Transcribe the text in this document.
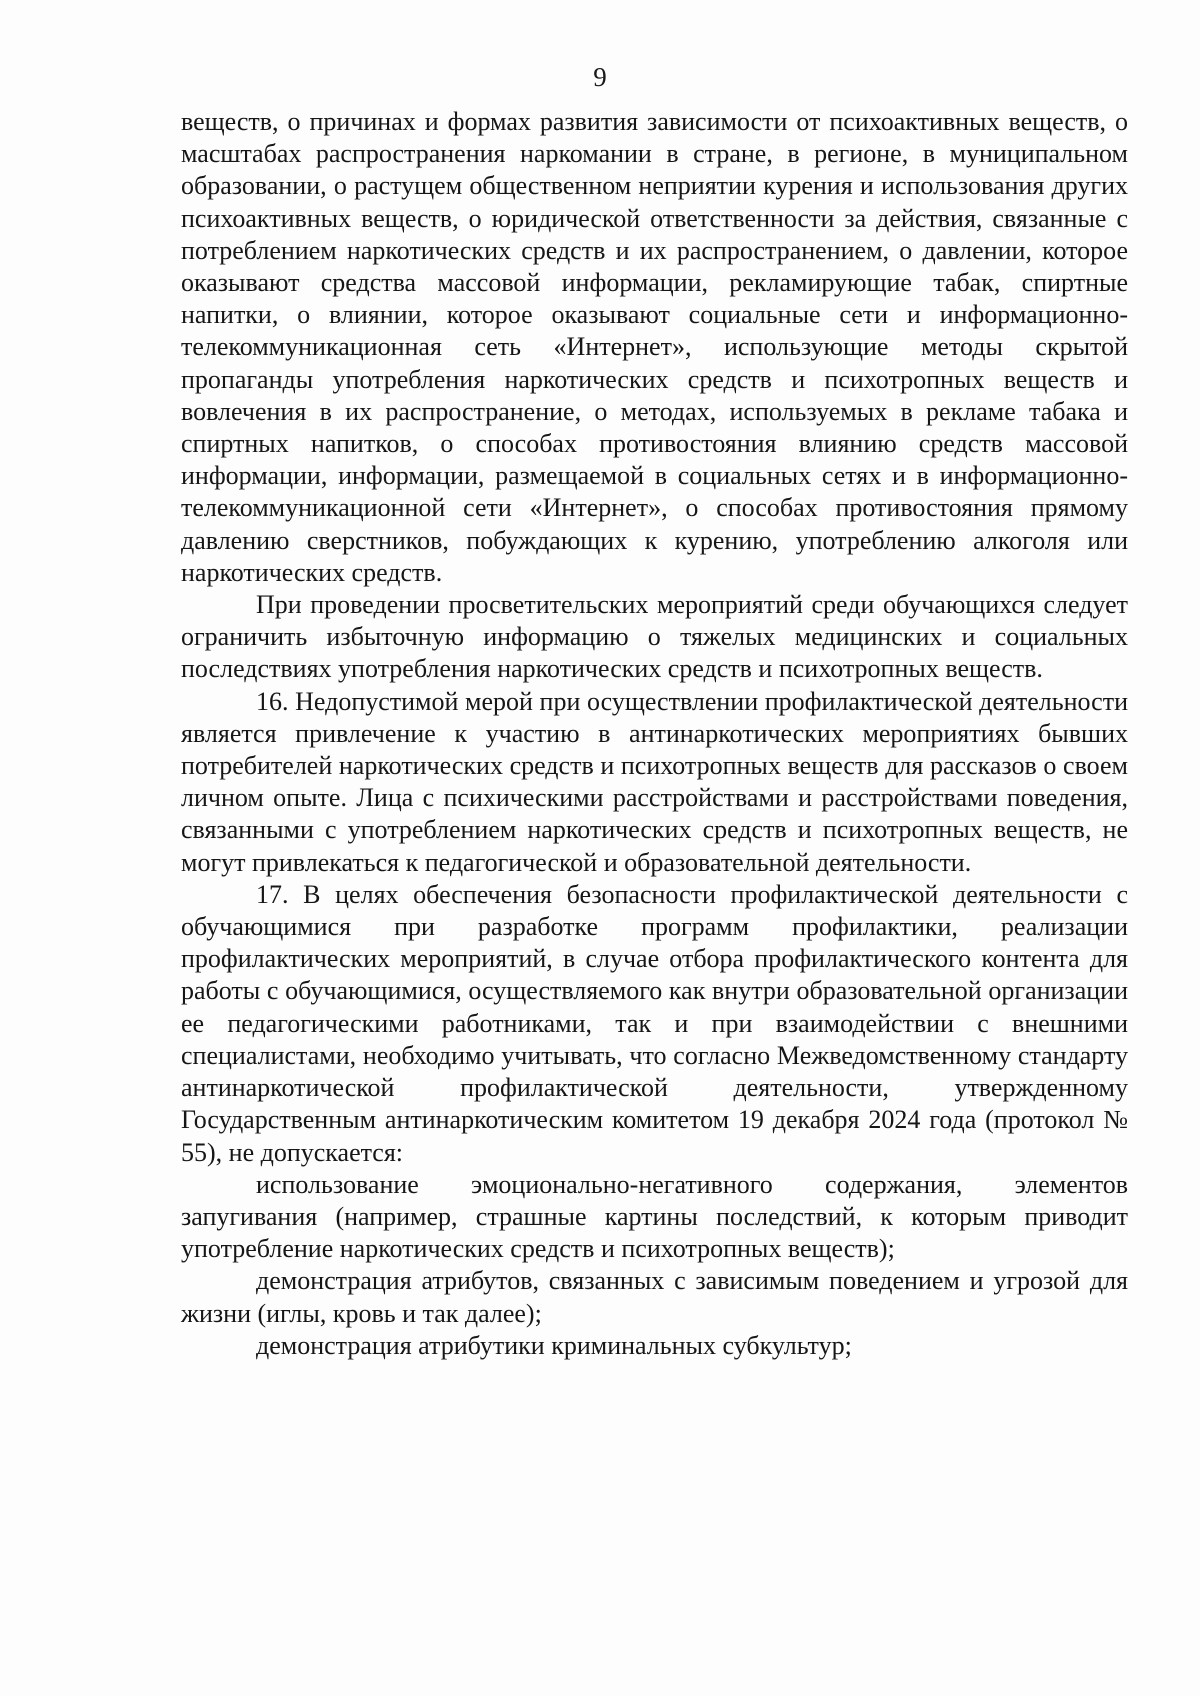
9

веществ, о причинах и формах развития зависимости от психоактивных веществ, о масштабах распространения наркомании в стране, в регионе, в муниципальном образовании, о растущем общественном неприятии курения и использования других психоактивных веществ, о юридической ответственности за действия, связанные с потреблением наркотических средств и их распространением, о давлении, которое оказывают средства массовой информации, рекламирующие табак, спиртные напитки, о влиянии, которое оказывают социальные сети и информационно-телекоммуникационная сеть «Интернет», использующие методы скрытой пропаганды употребления наркотических средств и психотропных веществ и вовлечения в их распространение, о методах, используемых в рекламе табака и спиртных напитков, о способах противостояния влиянию средств массовой информации, информации, размещаемой в социальных сетях и в информационно-телекоммуникационной сети «Интернет», о способах противостояния прямому давлению сверстников, побуждающих к курению, употреблению алкоголя или наркотических средств.

При проведении просветительских мероприятий среди обучающихся следует ограничить избыточную информацию о тяжелых медицинских и социальных последствиях употребления наркотических средств и психотропных веществ.

16. Недопустимой мерой при осуществлении профилактической деятельности является привлечение к участию в антинаркотических мероприятиях бывших потребителей наркотических средств и психотропных веществ для рассказов о своем личном опыте. Лица с психическими расстройствами и расстройствами поведения, связанными с употреблением наркотических средств и психотропных веществ, не могут привлекаться к педагогической и образовательной деятельности.

17. В целях обеспечения безопасности профилактической деятельности с обучающимися при разработке программ профилактики, реализации профилактических мероприятий, в случае отбора профилактического контента для работы с обучающимися, осуществляемого как внутри образовательной организации ее педагогическими работниками, так и при взаимодействии с внешними специалистами, необходимо учитывать, что согласно Межведомственному стандарту антинаркотической профилактической деятельности, утвержденному Государственным антинаркотическим комитетом 19 декабря 2024 года (протокол № 55), не допускается:

использование эмоционально-негативного содержания, элементов запугивания (например, страшные картины последствий, к которым приводит употребление наркотических средств и психотропных веществ);

демонстрация атрибутов, связанных с зависимым поведением и угрозой для жизни (иглы, кровь и так далее);

демонстрация атрибутики криминальных субкультур;
